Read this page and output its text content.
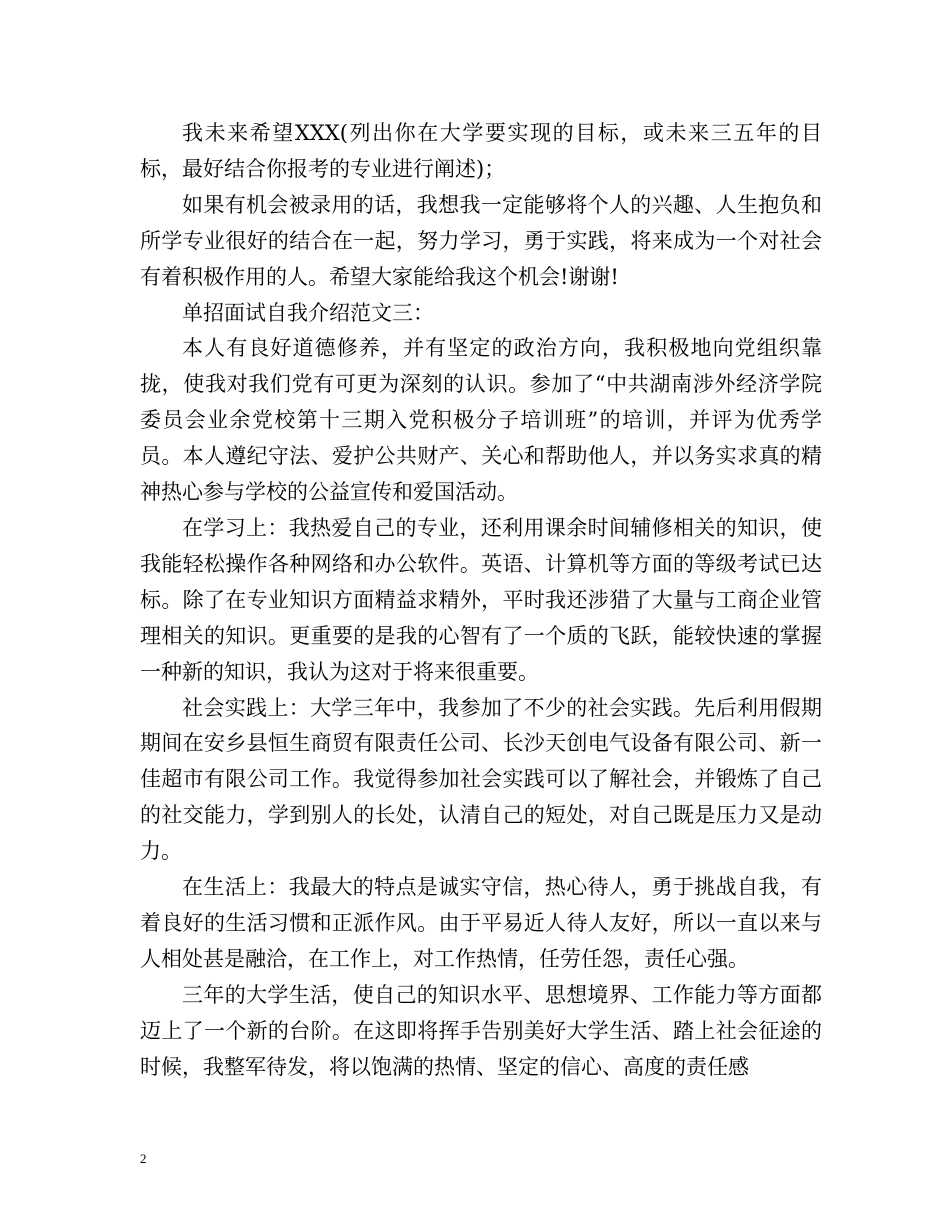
我未来希望XXX(列出你在大学要实现的目标，或未来三五年的目标，最好结合你报考的专业进行阐述)；

如果有机会被录用的话，我想我一定能够将个人的兴趣、人生抱负和所学专业很好的结合在一起，努力学习，勇于实践，将来成为一个对社会有着积极作用的人。希望大家能给我这个机会!谢谢!

单招面试自我介绍范文三：

本人有良好道德修养，并有坚定的政治方向，我积极地向党组织靠拢，使我对我们党有可更为深刻的认识。参加了“中共湖南涉外经济学院委员会业余党校第十三期入党积极分子培训班”的培训，并评为优秀学员。本人遵纪守法、爱护公共财产、关心和帮助他人，并以务实求真的精神热心参与学校的公益宣传和爱国活动。

在学习上：我热爱自己的专业，还利用课余时间辅修相关的知识，使我能轻松操作各种网络和办公软件。英语、计算机等方面的等级考试已达标。除了在专业知识方面精益求精外，平时我还涉猎了大量与工商企业管理相关的知识。更重要的是我的心智有了一个质的飞跃，能较快速的掌握一种新的知识，我认为这对于将来很重要。

社会实践上：大学三年中，我参加了不少的社会实践。先后利用假期期间在安乡县恒生商贸有限责任公司、长沙天创电气设备有限公司、新一佳超市有限公司工作。我觉得参加社会实践可以了解社会，并锻炼了自己的社交能力，学到别人的长处，认清自己的短处，对自己既是压力又是动力。

在生活上：我最大的特点是诚实守信，热心待人，勇于挑战自我，有着良好的生活习惯和正派作风。由于平易近人待人友好，所以一直以来与人相处甚是融洽，在工作上，对工作热情，任劳任怨，责任心强。

三年的大学生活，使自己的知识水平、思想境界、工作能力等方面都迈上了一个新的台阶。在这即将挥手告别美好大学生活、踏上社会征途的时候，我整军待发，将以饱满的热情、坚定的信心、高度的责任感

2
